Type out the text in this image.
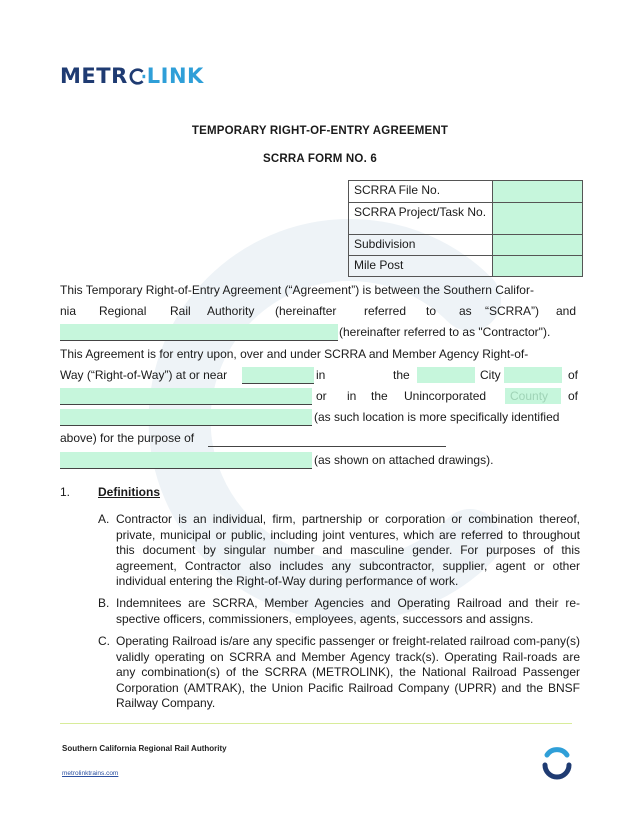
METR LINK
TEMPORARY RIGHT-OF-ENTRY AGREEMENT
SCRRA FORM NO. 6
SCRRA File No.	
SCRRA Project/Task No.	
Subdivision	
Mile Post	
This Temporary Right-of-Entry Agreement (“Agreement”) is between the Southern Califor-
nia Regional Rail Authority (hereinafter referred to as “SCRRA”) and
(hereinafter referred to as "Contractor").
This Agreement is for entry upon, over and under SCRRA and Member Agency Right-of-
Way (“Right-of-Way”) at or near	in	the	City	of
or in the Unincorporated County of
(as such location is more specifically identified
above) for the purpose of
(as shown on attached drawings).
1. Definitions
A. Contractor is an individual, firm, partnership or corporation or combination thereof, private, municipal or public, including joint ventures, which are referred to throughout this document by singular number and masculine gender. For purposes of this agreement, Contractor also includes any subcontractor, supplier, agent or other individual entering the Right-of-Way during performance of work.
B. Indemnitees are SCRRA, Member Agencies and Operating Railroad and their re-spective officers, commissioners, employees, agents, successors and assigns.
C. Operating Railroad is/are any specific passenger or freight-related railroad com-pany(s) validly operating on SCRRA and Member Agency track(s). Operating Rail-roads are any combination(s) of the SCRRA (METROLINK), the National Railroad Passenger Corporation (AMTRAK), the Union Pacific Railroad Company (UPRR) and the BNSF Railway Company.
Southern California Regional Rail Authority
metrolinktrains.com
